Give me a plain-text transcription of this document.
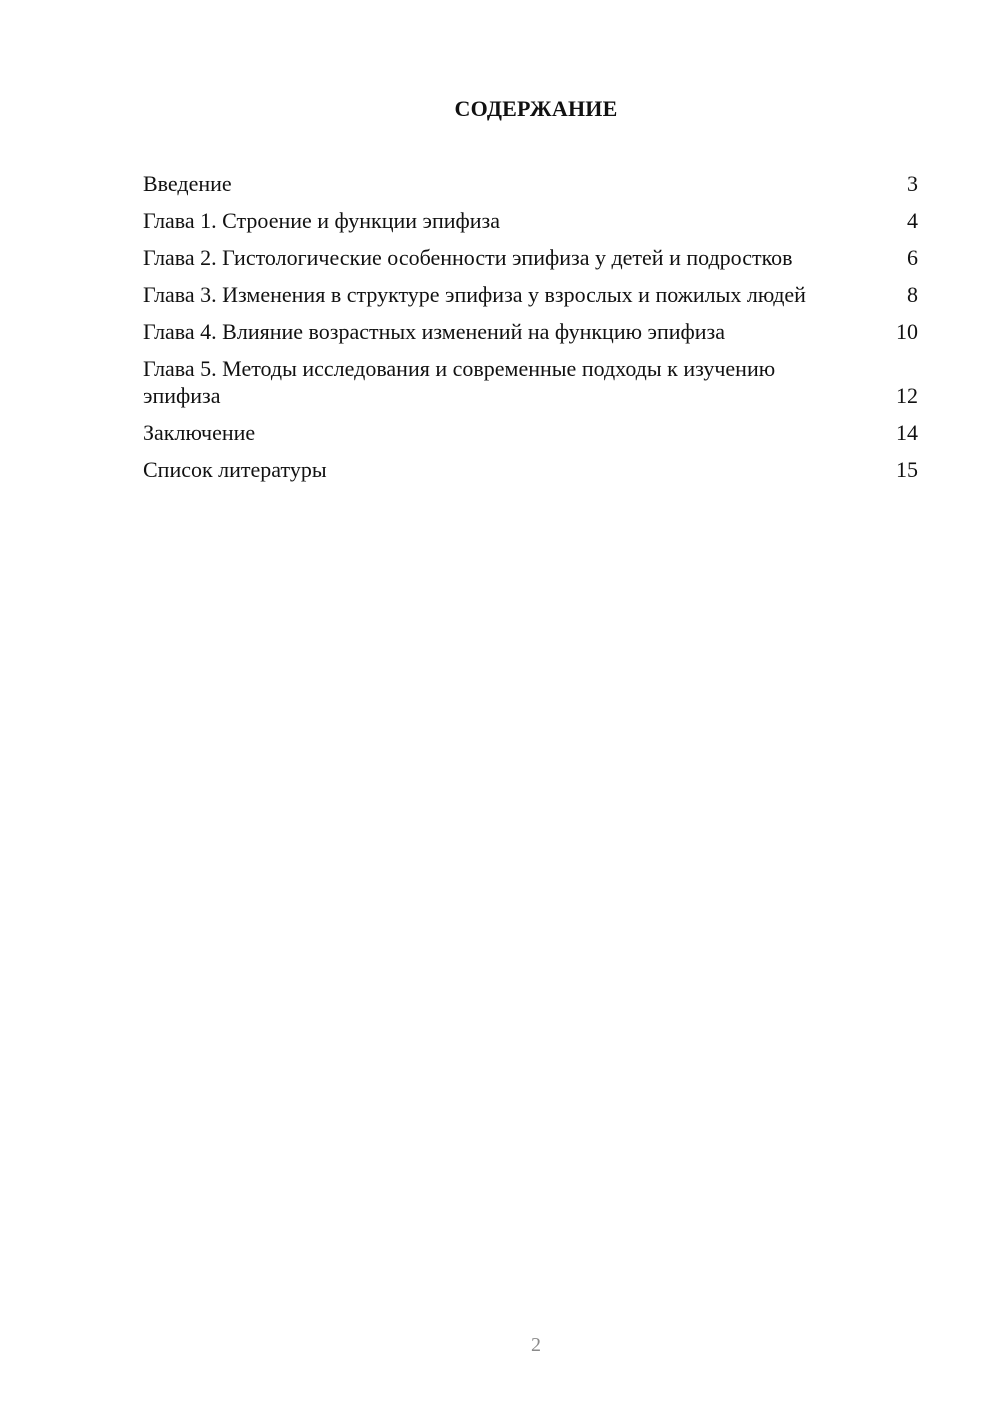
СОДЕРЖАНИЕ
Введение	3
Глава 1. Строение и функции эпифиза	4
Глава 2. Гистологические особенности эпифиза у детей и подростков	6
Глава 3. Изменения в структуре эпифиза у взрослых и пожилых людей	8
Глава 4. Влияние возрастных изменений на функцию эпифиза	10
Глава 5. Методы исследования и современные подходы к изучению эпифиза	12
Заключение	14
Список литературы	15
2
